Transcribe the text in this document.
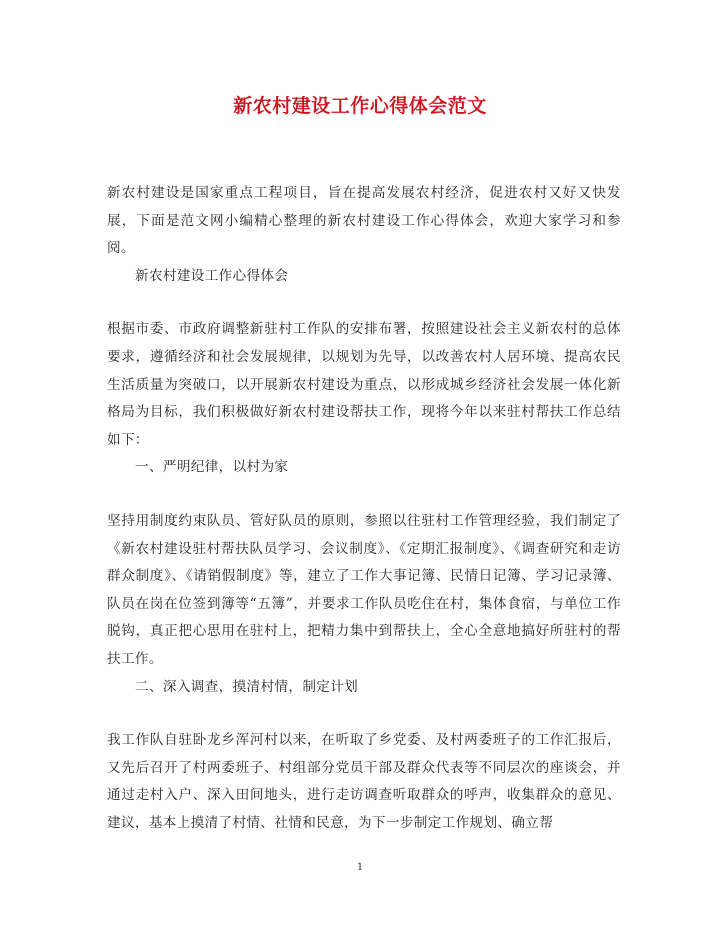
新农村建设工作心得体会范文

新农村建设是国家重点工程项目，旨在提高发展农村经济，促进农村又好又快发展，下面是范文网小编精心整理的新农村建设工作心得体会，欢迎大家学习和参阅。

新农村建设工作心得体会

根据市委、市政府调整新驻村工作队的安排布署，按照建设社会主义新农村的总体要求，遵循经济和社会发展规律，以规划为先导，以改善农村人居环境、提高农民生活质量为突破口，以开展新农村建设为重点，以形成城乡经济社会发展一体化新格局为目标，我们积极做好新农村建设帮扶工作，现将今年以来驻村帮扶工作总结如下：

一、严明纪律，以村为家

坚持用制度约束队员、管好队员的原则，参照以往驻村工作管理经验，我们制定了《新农村建设驻村帮扶队员学习、会议制度》、《定期汇报制度》、《调查研究和走访群众制度》、《请销假制度》等，建立了工作大事记簿、民情日记簿、学习记录簿、队员在岗在位签到簿等“五簿”，并要求工作队员吃住在村，集体食宿，与单位工作脱钩，真正把心思用在驻村上，把精力集中到帮扶上，全心全意地搞好所驻村的帮扶工作。

二、深入调查，摸清村情，制定计划

我工作队自驻卧龙乡浑河村以来，在听取了乡党委、及村两委班子的工作汇报后，又先后召开了村两委班子、村组部分党员干部及群众代表等不同层次的座谈会，并通过走村入户、深入田间地头，进行走访调查听取群众的呼声，收集群众的意见、建议，基本上摸清了村情、社情和民意，为下一步制定工作规划、确立帮

1
